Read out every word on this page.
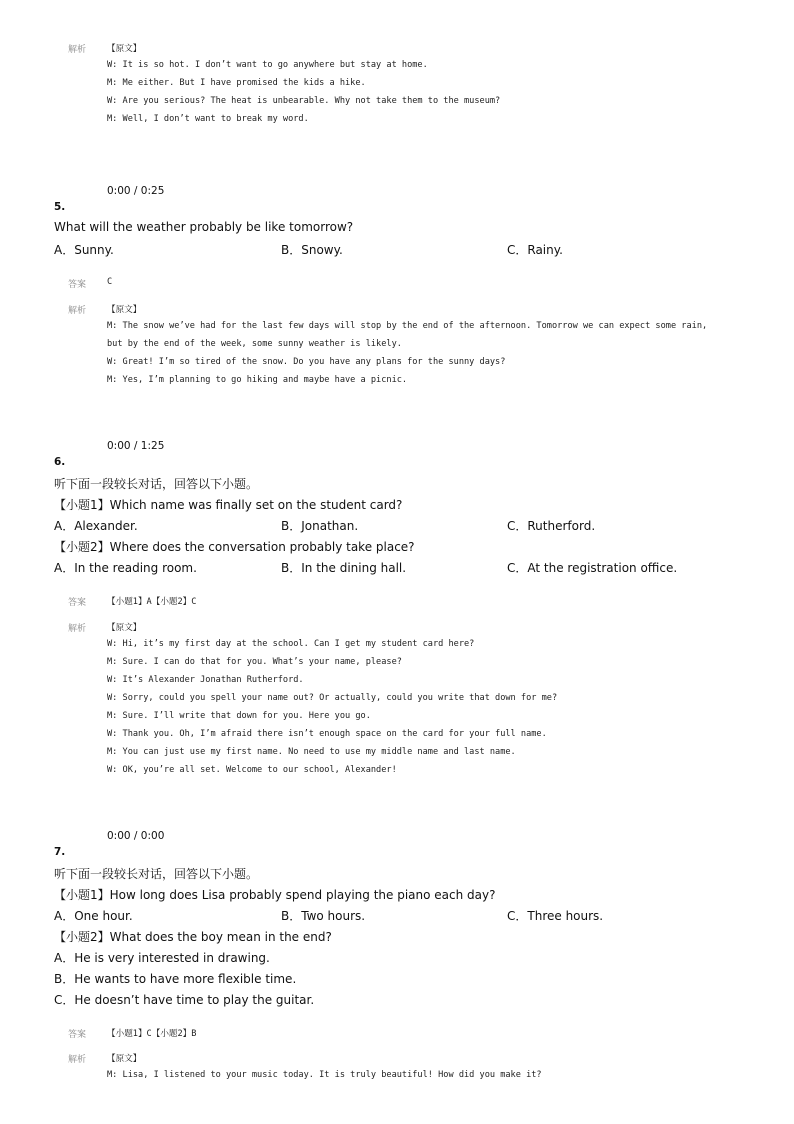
解析 【原文】
W: It is so hot. I don’t want to go anywhere but stay at home.
M: Me either. But I have promised the kids a hike.
W: Are you serious? The heat is unbearable. Why not take them to the museum?
M: Well, I don’t want to break my word.
0:00 / 0:25
5.
What will the weather probably be like tomorrow?
A．Sunny.	B．Snowy.	C．Rainy.
答案 C
解析 【原文】
M: The snow we’ve had for the last few days will stop by the end of the afternoon. Tomorrow we can expect some rain,
but by the end of the week, some sunny weather is likely.
W: Great! I’m so tired of the snow. Do you have any plans for the sunny days?
M: Yes, I’m planning to go hiking and maybe have a picnic.
0:00 / 1:25
6.
听下面一段较长对话，回答以下小题。
【小题1】Which name was finally set on the student card?
A．Alexander.	B．Jonathan.	C．Rutherford.
【小题2】Where does the conversation probably take place?
A．In the reading room.	B．In the dining hall.	C．At the registration office.
答案 【小题1】A【小题2】C
解析 【原文】
W: Hi, it’s my first day at the school. Can I get my student card here?
M: Sure. I can do that for you. What’s your name, please?
W: It’s Alexander Jonathan Rutherford.
W: Sorry, could you spell your name out? Or actually, could you write that down for me?
M: Sure. I’ll write that down for you. Here you go.
W: Thank you. Oh, I’m afraid there isn’t enough space on the card for your full name.
M: You can just use my first name. No need to use my middle name and last name.
W: OK, you’re all set. Welcome to our school, Alexander!
0:00 / 0:00
7.
听下面一段较长对话，回答以下小题。
【小题1】How long does Lisa probably spend playing the piano each day?
A．One hour.	B．Two hours.	C．Three hours.
【小题2】What does the boy mean in the end?
A．He is very interested in drawing.
B．He wants to have more flexible time.
C．He doesn’t have time to play the guitar.
答案 【小题1】C【小题2】B
解析 【原文】
M: Lisa, I listened to your music today. It is truly beautiful! How did you make it?
